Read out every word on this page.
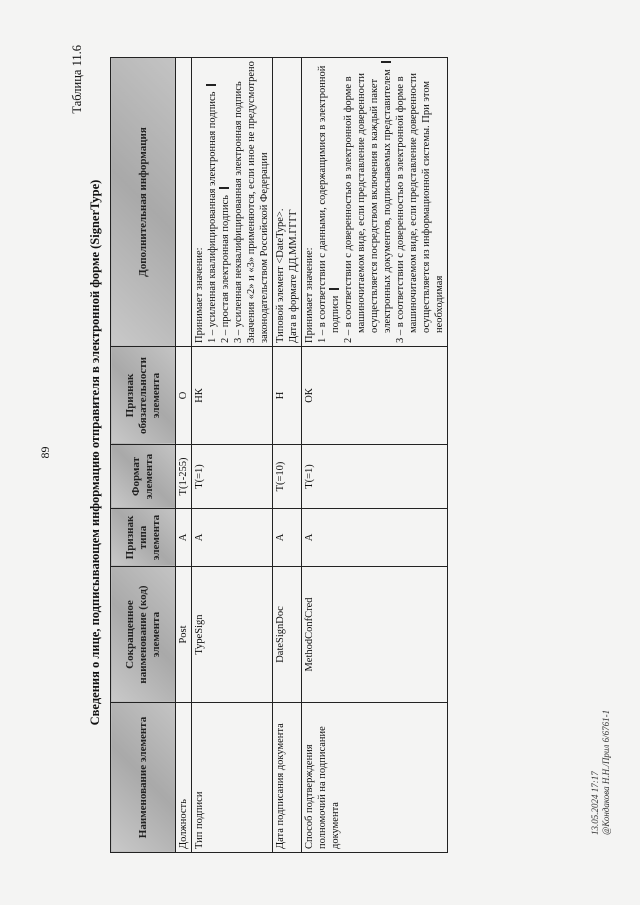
89
Таблица 11.6
Сведения о лице, подписывающем информацию отправителя в электронной форме (SignerType)
Наименование элемента	Сокращенное наименование (код) элемента	Признак типа элемента	Формат элемента	Признак обязательности элемента	Дополнительная информация
Должность	Post	А	T(1-255)	О	
Тип подписи	TypeSign	А	T(=1)	НК	Принимает значение: 1 – усиленная квалифицированная электронная подпись 2 – простая электронная подпись 3 – усиленная неквалифицированная электронная подпись Значения «2» и «3» применяются, если иное не предусмотрено законодательством Российской Федерации

Дата подписания документа	DateSignDoc	А	T(=10)	Н	Типовой элемент <DateType>. Дата в формате ДД.ММ.ГГГГ

Способ подтверждения полномочий на подписание документа	MethodConfCred	А	T(=1)	ОК	Принимает значение: 1 – в соответствии с данными, содержащимися в электронной подписи 2 – в соответствии с доверенностью в электронной форме в машиночитаемом виде, если представление доверенности осуществляется посредством включения в каждый пакет электронных документов, подписываемых представителем 3 – в соответствии с доверенностью в электронной форме в машиночитаемом виде, если представление доверенности осуществляется из информационной системы. При этом необходимая
13.05.2024 17:17 @Кондакова Н.Н./Прил 6/6761-1
